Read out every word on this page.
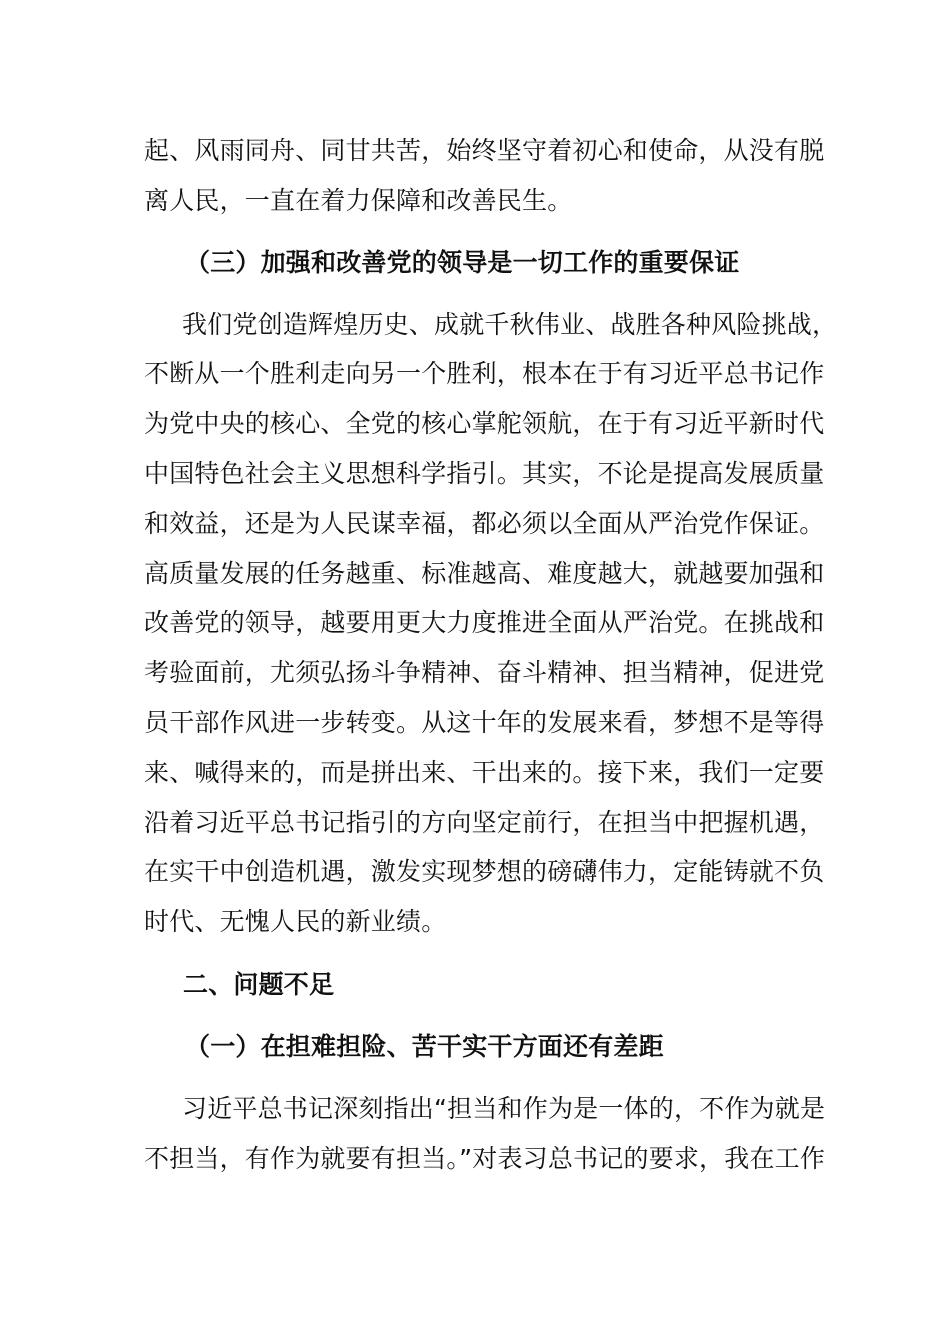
起、风雨同舟、同甘共苦，始终坚守着初心和使命，从没有脱
离人民，一直在着力保障和改善民生。
（三）加强和改善党的领导是一切工作的重要保证
我们党创造辉煌历史、成就千秋伟业、战胜各种风险挑战，
不断从一个胜利走向另一个胜利，根本在于有习近平总书记作
为党中央的核心、全党的核心掌舵领航，在于有习近平新时代
中国特色社会主义思想科学指引。其实，不论是提高发展质量
和效益，还是为人民谋幸福，都必须以全面从严治党作保证。
高质量发展的任务越重、标准越高、难度越大，就越要加强和
改善党的领导，越要用更大力度推进全面从严治党。在挑战和
考验面前，尤须弘扬斗争精神、奋斗精神、担当精神，促进党
员干部作风进一步转变。从这十年的发展来看，梦想不是等得
来、喊得来的，而是拼出来、干出来的。接下来，我们一定要
沿着习近平总书记指引的方向坚定前行，在担当中把握机遇，
在实干中创造机遇，激发实现梦想的磅礴伟力，定能铸就不负
时代、无愧人民的新业绩。
二、问题不足
（一）在担难担险、苦干实干方面还有差距
习近平总书记深刻指出“担当和作为是一体的，不作为就是
不担当，有作为就要有担当。”对表习总书记的要求，我在工作
